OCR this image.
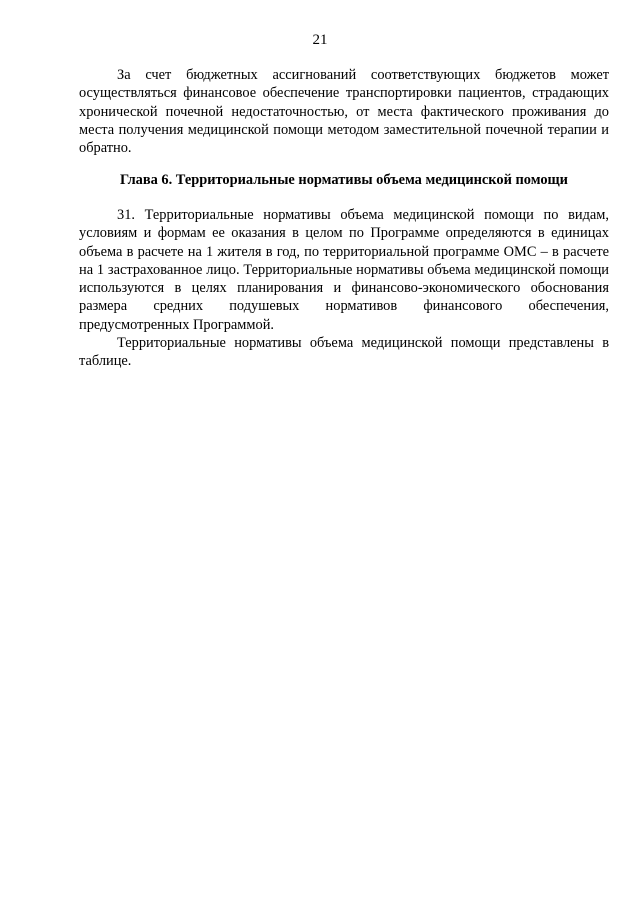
21

За счет бюджетных ассигнований соответствующих бюджетов может осуществляться финансовое обеспечение транспортировки пациентов, страдающих хронической почечной недостаточностью, от места фактического проживания до места получения медицинской помощи методом заместительной почечной терапии и обратно.

Глава 6. Территориальные нормативы объема медицинской помощи

31. Территориальные нормативы объема медицинской помощи по видам, условиям и формам ее оказания в целом по Программе определяются в единицах объема в расчете на 1 жителя в год, по территориальной программе ОМС – в расчете на 1 застрахованное лицо. Территориальные нормативы объема медицинской помощи используются в целях планирования и финансово-экономического обоснования размера средних подушевых нормативов финансового обеспечения, предусмотренных Программой.

Территориальные нормативы объема медицинской помощи представлены в таблице.
